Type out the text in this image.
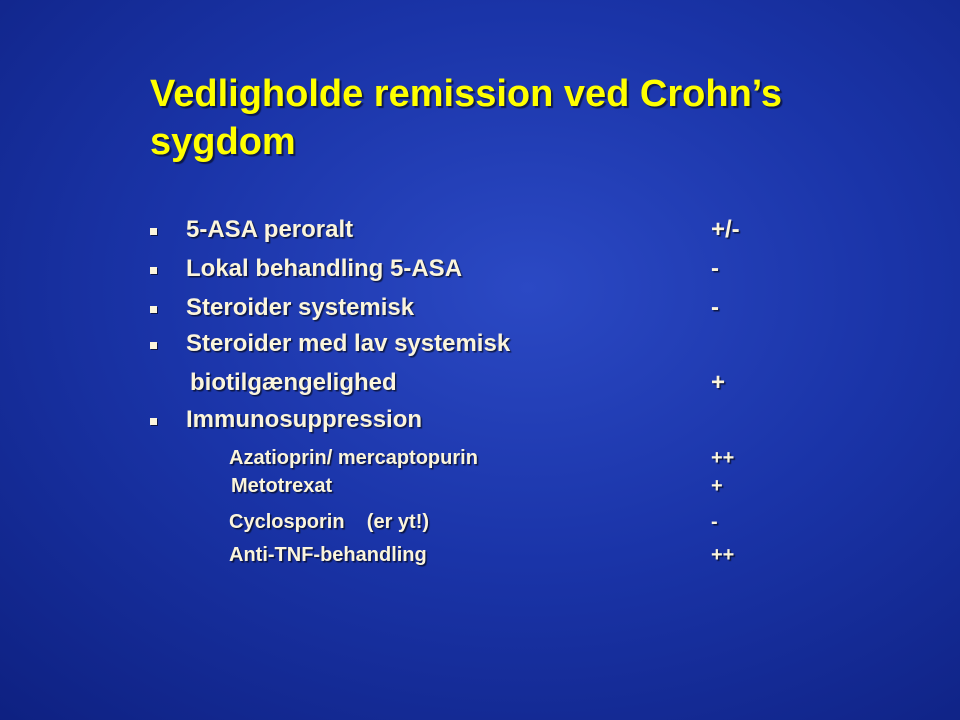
Vedligholde remission ved Crohn’s sygdom
5-ASA peroralt	+/-
Lokal behandling 5-ASA	-
Steroider systemisk	-
Steroider med lav systemisk
biotilgængelighed	+
Immunosuppression
Azatioprin/ mercaptopurin	++
Metotrexat	+
Cyclosporin    (er yt!)	-
Anti-TNF-behandling	++
